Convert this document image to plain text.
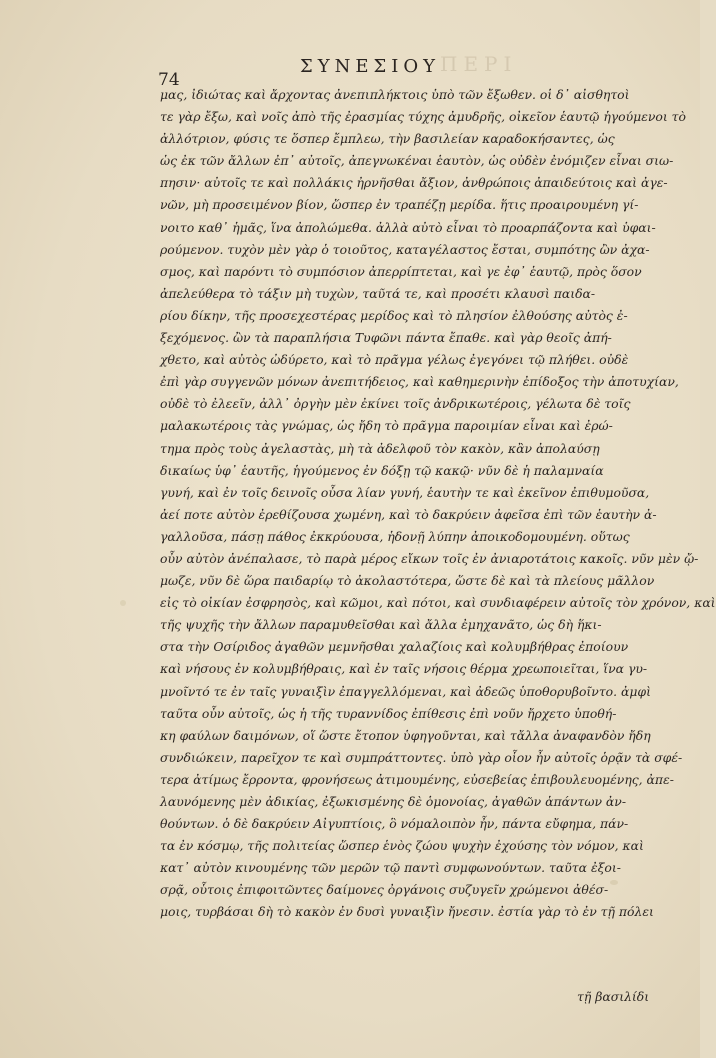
ΠΕΡΙ
74
ΣΥΝΕΣΙΟΥ
μας, ἰδιώτας καὶ ἄρχοντας ἀνεπιπλήκτοις ὑπὸ τῶν ἔξωθεν. οἱ δ᾽ αἰσθητοὶ
τε γὰρ ἔξω, καὶ νοῖς ἀπὸ τῆς ἐρασμίας τύχης ἀμυδρῆς, οἰκεῖον ἑαυτῷ ἡγούμενοι τὸ
ἀλλότριον, φύσις τε ὅσπερ ἔμπλεω, τὴν βασιλείαν καραδοκήσαντες, ὡς
ὡς ἐκ τῶν ἄλλων ἐπ᾽ αὐτοῖς, ἀπεγνωκέναι ἑαυτὸν, ὡς οὐδὲν ἐνόμιζεν εἶναι σιω-
πησιν· αὐτοῖς τε καὶ πολλάκις ἠρνῆσθαι ἄξιον, ἀνθρώποις ἀπαιδεύτοις καὶ ἀγε-
νῶν, μὴ προσειμένον βίον, ὥσπερ ἐν τραπέζῃ μερίδα. ἥτις προαιρουμένη γί-
νοιτο καθ᾽ ἡμᾶς, ἵνα ἀπολώμεθα. ἀλλὰ αὐτὸ εἶναι τὸ προαρπάζοντα καὶ ὑφαι-
ρούμενον. τυχὸν μὲν γὰρ ὁ τοιοῦτος, καταγέλαστος ἔσται, συμπότης ὢν ἀχα-
σμος, καὶ παρόντι τὸ συμπόσιον ἀπερρίπτεται, καὶ γε ἐφ᾽ ἑαυτῷ, πρὸς ὅσον
ἀπελεύθερα τὸ τάξιν μὴ τυχὼν, ταῦτά τε, καὶ προσέτι κλαυσὶ παιδα-
ρίου δίκην, τῆς προσεχεστέρας μερίδος καὶ τὸ πλησίον ἐλθούσης αὐτὸς ἐ-
ξεχόμενος. ὢν τὰ παραπλήσια Τυφῶνι πάντα ἔπαθε. καὶ γὰρ θεοῖς ἀπή-
χθετο, καὶ αὐτὸς ὠδύρετο, καὶ τὸ πρᾶγμα γέλως ἐγεγόνει τῷ πλήθει. οὐδὲ
ἐπὶ γὰρ συγγενῶν μόνων ἀνεπιτήδειος, καὶ καθημερινὴν ἐπίδοξος τὴν ἀποτυχίαν,
οὐδὲ τὸ ἐλεεῖν, ἀλλ᾽ ὀργὴν μὲν ἐκίνει τοῖς ἀνδρικωτέροις, γέλωτα δὲ τοῖς
μαλακωτέροις τὰς γνώμας, ὡς ἤδη τὸ πρᾶγμα παροιμίαν εἶναι καὶ ἐρώ-
τημα πρὸς τοὺς ἀγελαστὰς, μὴ τὰ ἀδελφοῦ τὸν κακὸν, κἂν ἀπολαύσῃ
δικαίως ὑφ᾽ ἑαυτῆς, ἡγούμενος ἐν δόξῃ τῷ κακῷ· νῦν δὲ ἡ παλαμναία
γυνή, καὶ ἐν τοῖς δεινοῖς οὖσα λίαν γυνή, ἑαυτὴν τε καὶ ἐκεῖνον ἐπιθυμοῦσα,
ἀεί ποτε αὐτὸν ἐρεθίζουσα χωμένη, καὶ τὸ δακρύειν ἀφεῖσα ἐπὶ τῶν ἑαυτὴν ἀ-
γαλλοῦσα, πάσῃ πάθος ἐκκρύουσα, ἡδονῇ λύπην ἀποικοδομουμένη. οὕτως
οὖν αὐτὸν ἀνέπαλασε, τὸ παρὰ μέρος εἴκων τοῖς ἐν ἀνιαροτάτοις κακοῖς. νῦν μὲν ᾤ-
μωζε, νῦν δὲ ὥρα παιδαρίῳ τὸ ἀκολαστότερα, ὥστε δὲ καὶ τὰ πλείους μᾶλλον
εἰς τὸ οἰκίαν ἐσφρησὸς, καὶ κῶμοι, καὶ πότοι, καὶ συνδιαφέρειν αὐτοῖς τὸν χρόνον, καὶ
τῆς ψυχῆς τὴν ἄλλων παραμυθεῖσθαι καὶ ἄλλα ἐμηχανᾶτο, ὡς δὴ ἥκι-
στα τὴν Οσίριδος ἀγαθῶν μεμνῆσθαι χαλαζίοις καὶ κολυμβήθρας ἐποίουν
καὶ νήσους ἐν κολυμβήθραις, καὶ ἐν ταῖς νήσοις θέρμα χρεωποιεῖται, ἵνα γυ-
μνοῖντό τε ἐν ταῖς γυναιξὶν ἐπαγγελλόμεναι, καὶ ἀδεῶς ὑποθορυβοῖντο. ἀμφὶ
ταῦτα οὖν αὐτοῖς, ὡς ἡ τῆς τυραννίδος ἐπίθεσις ἐπὶ νοῦν ἤρχετο ὑποθή-
κη φαύλων δαιμόνων, οἵ ὥστε ἔτοπον ὑφηγοῦνται, καὶ τἄλλα ἀναφανδὸν ἤδη
συνδιώκειν, παρεῖχον τε καὶ συμπράττοντες. ὑπὸ γὰρ οἷον ἦν αὐτοῖς ὁρᾷν τὰ σφέ-
τερα ἀτίμως ἔρροντα, φρονήσεως ἀτιμουμένης, εὐσεβείας ἐπιβουλευομένης, ἀπε-
λαυνόμενης μὲν ἀδικίας, ἐξωκισμένης δὲ ὁμονοίας, ἀγαθῶν ἁπάντων ἀν-
θούντων. ὁ δὲ δακρύειν Αἰγυπτίοις, ὃ νόμαλοιπὸν ἦν, πάντα εὔφημα, πάν-
τα ἐν κόσμῳ, τῆς πολιτείας ὥσπερ ἑνὸς ζώου ψυχὴν ἐχούσης τὸν νόμον, καὶ
κατ᾽ αὐτὸν κινουμένης τῶν μερῶν τῷ παντὶ συμφωνούντων. ταῦτα ἐξοι-
σρᾷ, οὗτοις ἐπιφοιτῶντες δαίμονες ὀργάνοις συζυγεῖν χρώμενοι ἀθέσ-
μοις, τυρβάσαι δὴ τὸ κακὸν ἐν δυσὶ γυναιξὶν ἤνεσιν. ἐστία γὰρ τὸ ἐν τῇ πόλει
τῇ βασιλίδι
